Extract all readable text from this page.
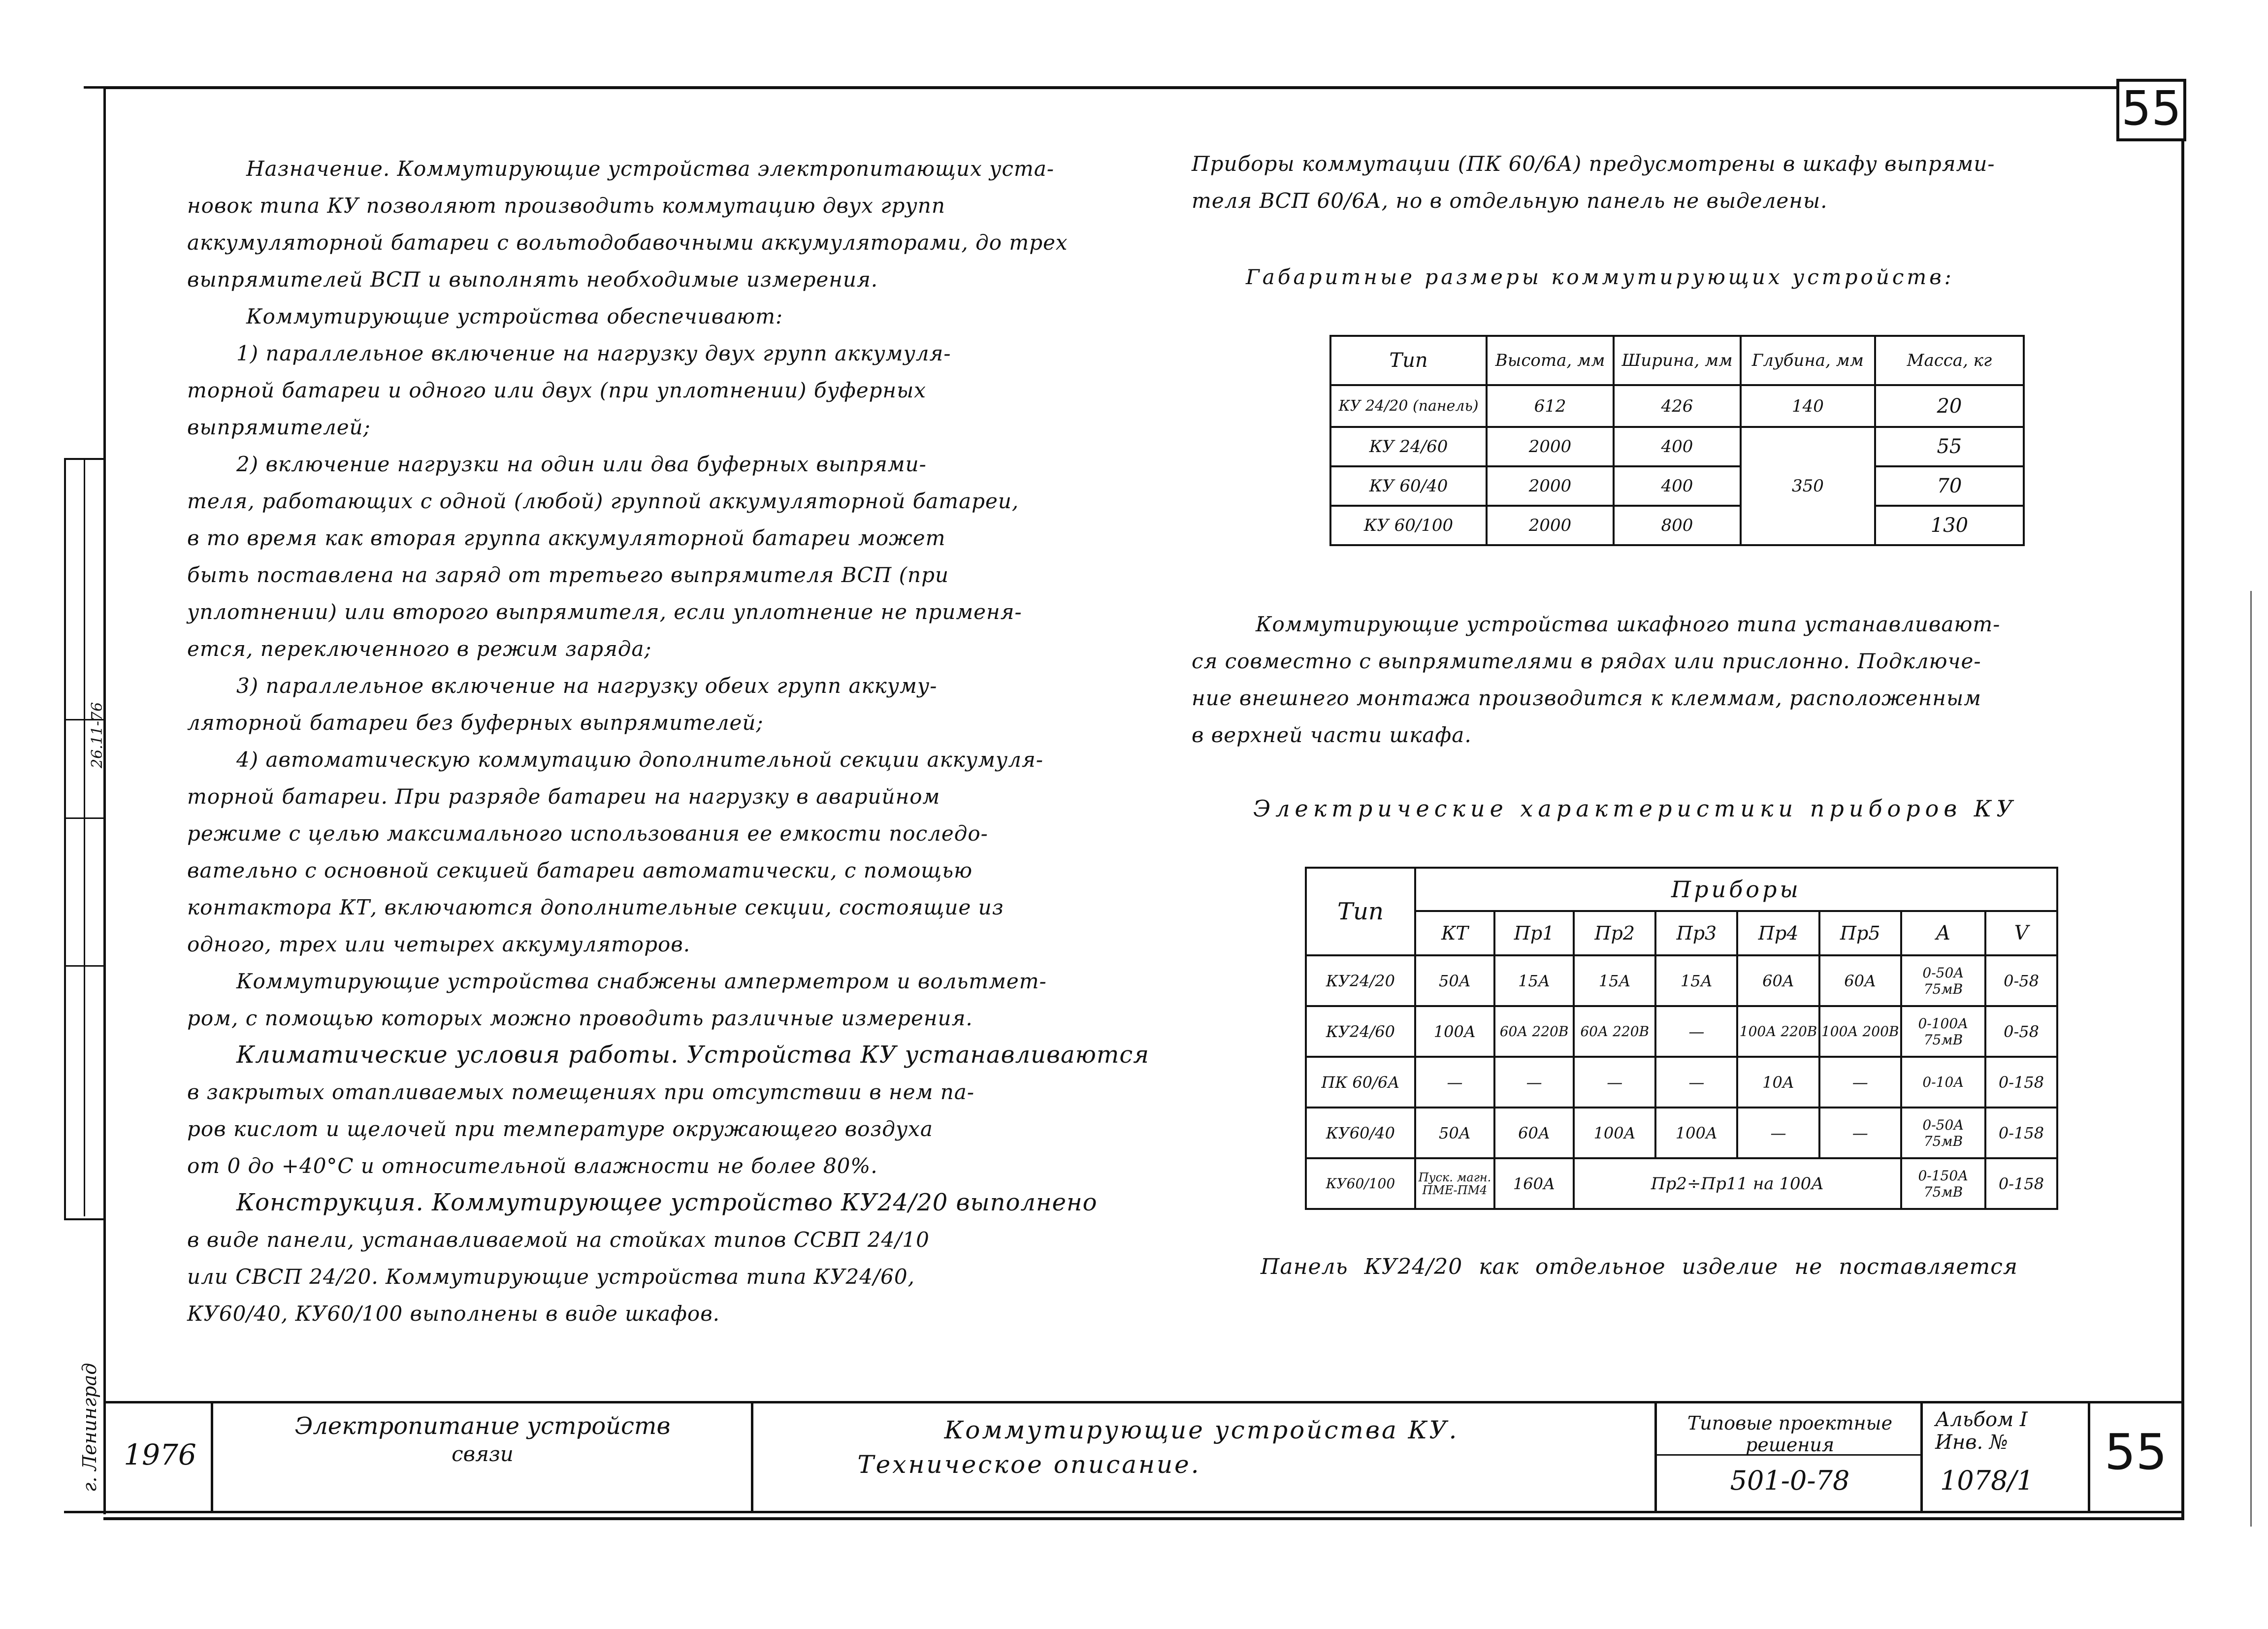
55
Назначение. Коммутирующие устройства электропитающих уста-
новок типа КУ позволяют производить коммутацию двух групп
аккумуляторной батареи с вольтодобавочными аккумуляторами, до трех
выпрямителей ВСП и выполнять необходимые измерения.
Коммутирующие устройства обеспечивают:
1) параллельное включение на нагрузку двух групп аккумуля-
торной батареи и одного или двух (при уплотнении) буферных
выпрямителей;
2) включение нагрузки на один или два буферных выпрями-
теля, работающих с одной (любой) группой аккумуляторной батареи,
в то время как вторая группа аккумуляторной батареи может
быть поставлена на заряд от третьего выпрямителя ВСП (при
уплотнении) или второго выпрямителя, если уплотнение не применя-
ется, переключенного в режим заряда;
3) параллельное включение на нагрузку обеих групп аккуму-
ляторной батареи без буферных выпрямителей;
4) автоматическую коммутацию дополнительной секции аккумуля-
торной батареи. При разряде батареи на нагрузку в аварийном
режиме с целью максимального использования ее емкости последо-
вательно с основной секцией батареи автоматически, с помощью
контактора КТ, включаются дополнительные секции, состоящие из
одного, трех или четырех аккумуляторов.
Коммутирующие устройства снабжены амперметром и вольтмет-
ром, с помощью которых можно проводить различные измерения.
Климатические условия работы. Устройства КУ устанавливаются
в закрытых отапливаемых помещениях при отсутствии в нем па-
ров кислот и щелочей при температуре окружающего воздуха
от 0 до +40°С и относительной влажности не более 80%.
Конструкция. Коммутирующее устройство КУ24/20 выполнено
в виде панели, устанавливаемой на стойках типов ССВП 24/10
или СВСП 24/20. Коммутирующие устройства типа КУ24/60,
КУ60/40, КУ60/100 выполнены в виде шкафов.
Приборы коммутации (ПК 60/6А) предусмотрены в шкафу выпрями-
теля ВСП 60/6А, но в отдельную панель не выделены.
Габаритные размеры коммутирующих устройств:
Тип	Высота, мм	Ширина, мм	Глубина, мм	Масса, кг
КУ 24/20 (панель)	612	426	140	20
КУ 24/60	2000	400	350	55
КУ 60/40	2000	400		70
КУ 60/100	2000	800		130
Коммутирующие устройства шкафного типа устанавливают-
ся совместно с выпрямителями в рядах или прислонно. Подключе-
ние внешнего монтажа производится к клеммам, расположенным
в верхней части шкафа.
Электрические характеристики приборов КУ
Тип	Приборы							
	КТ	Пр1	Пр2	Пр3	Пр4	Пр5	А	V
КУ24/20	50А	15А	15А	15А	60А	60А	0-50А 75мВ	0-58
КУ24/60	100А	60А 220В	60А 220В	—	100А 220В	100А 200В	0-100А 75мВ	0-58
ПК 60/6А	—	—	—	—	10А	—	0-10А	0-158
КУ60/40	50А	60А	100А	100А	—	—	0-50А 75мВ	0-158
КУ60/100	Пуск. магн. ПМЕ-ПМ4	160А	Пр2÷Пр11 на 100А				0-150А 75мВ	0-158
Панель КУ24/20 как отдельное изделие не поставляется
1976
Электропитание устройств
связи
Коммутирующие устройства КУ.
Техническое описание.
Типовые проектные
решения
501-0-78
Альбом I
Инв. №
1078/1	55
26.11-76
г. Ленинград
